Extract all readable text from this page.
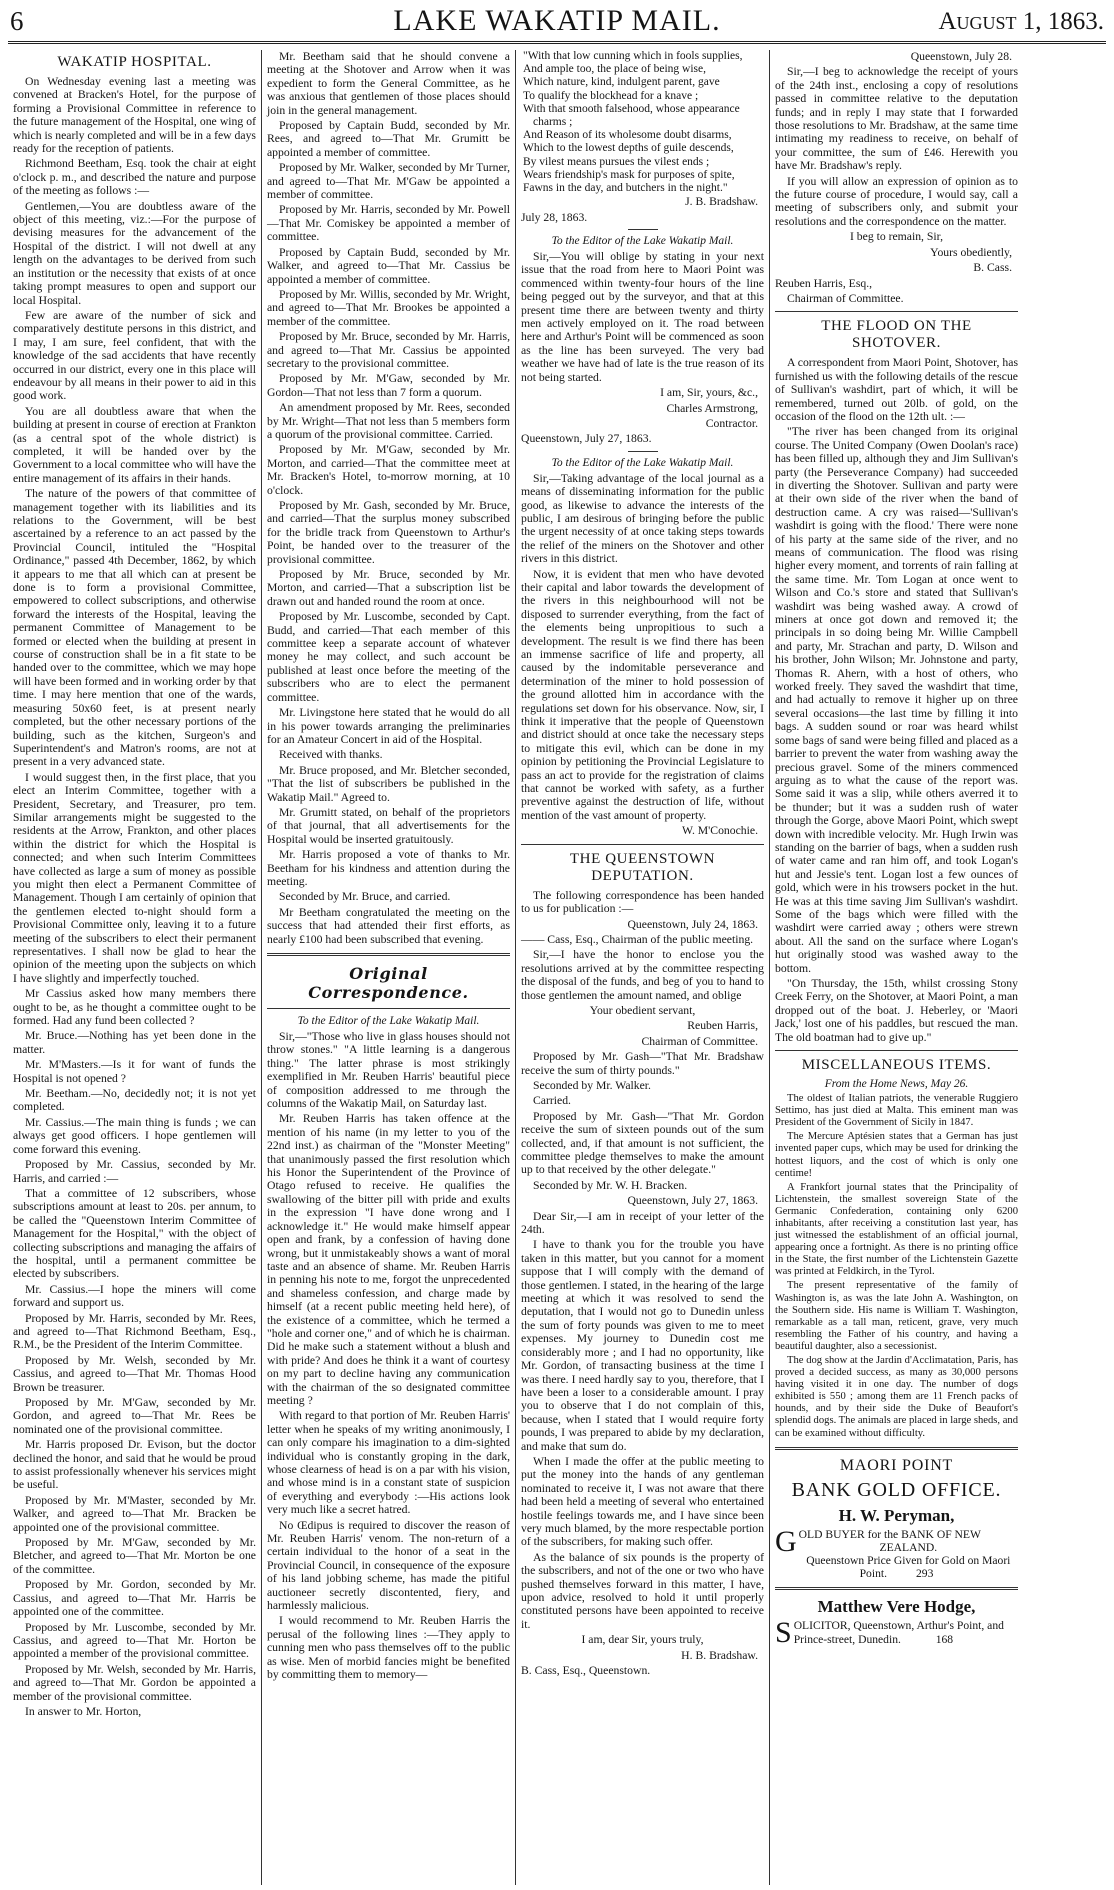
6	LAKE WAKATIP MAIL.	August 1, 1863.
WAKATIP HOSPITAL.

On Wednesday evening last a meeting was convened at Bracken's Hotel, for the purpose of forming a Provisional Committee in reference to the future management of the Hospital, one wing of which is nearly completed and will be in a few days ready for the reception of patients.

Richmond Beetham, Esq. took the chair at eight o'clock p. m., and described the nature and purpose of the meeting as follows :—

Gentlemen,—You are doubtless aware of the object of this meeting, viz.:—For the purpose of devising measures for the advancement of the Hospital of the district. I will not dwell at any length on the advantages to be derived from such an institution or the necessity that exists of at once taking prompt measures to open and support our local Hospital.

Few are aware of the number of sick and comparatively destitute persons in this district, and I may, I am sure, feel confident, that with the knowledge of the sad accidents that have recently occurred in our district, every one in this place will endeavour by all means in their power to aid in this good work.

You are all doubtless aware that when the building at present in course of erection at Frankton (as a central spot of the whole district) is completed, it will be handed over by the Government to a local committee who will have the entire management of its affairs in their hands.

The nature of the powers of that committee of management together with its liabilities and its relations to the Government, will be best ascertained by a reference to an act passed by the Provincial Council, intituled the "Hospital Ordinance," passed 4th December, 1862, by which it appears to me that all which can at present be done is to form a provisional Committee, empowered to collect subscriptions, and otherwise forward the interests of the Hospital, leaving the permanent Committee of Management to be formed or elected when the building at present in course of construction shall be in a fit state to be handed over to the committee, which we may hope will have been formed and in working order by that time. I may here mention that one of the wards, measuring 50x60 feet, is at present nearly completed, but the other necessary portions of the building, such as the kitchen, Surgeon's and Superintendent's and Matron's rooms, are not at present in a very advanced state.

I would suggest then, in the first place, that you elect an Interim Committee, together with a President, Secretary, and Treasurer, pro tem. Similar arrangements might be suggested to the residents at the Arrow, Frankton, and other places within the district for which the Hospital is connected; and when such Interim Committees have collected as large a sum of money as possible you might then elect a Permanent Committee of Management. Though I am certainly of opinion that the gentlemen elected to-night should form a Provisional Committee only, leaving it to a future meeting of the subscribers to elect their permanent representatives. I shall now be glad to hear the opinion of the meeting upon the subjects on which I have slightly and imperfectly touched.

Mr Cassius asked how many members there ought to be, as he thought a committee ought to be formed. Had any fund been collected ?

Mr. Bruce.—Nothing has yet been done in the matter.

Mr. M'Masters.—Is it for want of funds the Hospital is not opened ?

Mr. Beetham.—No, decidedly not; it is not yet completed.

Mr. Cassius.—The main thing is funds ; we can always get good officers. I hope gentlemen will come forward this evening.

Proposed by Mr. Cassius, seconded by Mr. Harris, and carried :—

That a committee of 12 subscribers, whose subscriptions amount at least to 20s. per annum, to be called the "Queenstown Interim Committee of Management for the Hospital," with the object of collecting subscriptions and managing the affairs of the hospital, until a permanent committee be elected by subscribers.

Mr. Cassius.—I hope the miners will come forward and support us.

Proposed by Mr. Harris, seconded by Mr. Rees, and agreed to—That Richmond Beetham, Esq., R.M., be the President of the Interim Committee.

Proposed by Mr. Welsh, seconded by Mr. Cassius, and agreed to—That Mr. Thomas Hood Brown be treasurer.

Proposed by Mr. M'Gaw, seconded by Mr. Gordon, and agreed to—That Mr. Rees be nominated one of the provisional committee.

Mr. Harris proposed Dr. Evison, but the doctor declined the honor, and said that he would be proud to assist professionally whenever his services might be useful.

Proposed by Mr. M'Master, seconded by Mr. Walker, and agreed to—That Mr. Bracken be appointed one of the provisional committee.

Proposed by Mr. M'Gaw, seconded by Mr. Bletcher, and agreed to—That Mr. Morton be one of the committee.

Proposed by Mr. Gordon, seconded by Mr. Cassius, and agreed to—That Mr. Harris be appointed one of the committee.

Proposed by Mr. Luscombe, seconded by Mr. Cassius, and agreed to—That Mr. Horton be appointed a member of the provisional committee.

Proposed by Mr. Welsh, seconded by Mr. Harris, and agreed to—That Mr. Gordon be appointed a member of the provisional committee.

In answer to Mr. Horton,

Mr. Beetham said that he should convene a meeting at the Shotover and Arrow when it was expedient to form the General Committee, as he was anxious that gentlemen of those places should join in the general management.

Proposed by Captain Budd, seconded by Mr. Rees, and agreed to—That Mr. Grumitt be appointed a member of committee.

Proposed by Mr. Walker, seconded by Mr Turner, and agreed to—That Mr. M'Gaw be appointed a member of committee.

Proposed by Mr. Harris, seconded by Mr. Powell—That Mr. Comiskey be appointed a member of committee.

Proposed by Captain Budd, seconded by Mr. Walker, and agreed to—That Mr. Cassius be appointed a member of committee.

Proposed by Mr. Willis, seconded by Mr. Wright, and agreed to—That Mr. Brookes be appointed a member of the committee.

Proposed by Mr. Bruce, seconded by Mr. Harris, and agreed to—That Mr. Cassius be appointed secretary to the provisional committee.

Proposed by Mr. M'Gaw, seconded by Mr. Gordon—That not less than 7 form a quorum.

An amendment proposed by Mr. Rees, seconded by Mr. Wright—That not less than 5 members form a quorum of the provisional committee. Carried.

Proposed by Mr. M'Gaw, seconded by Mr. Morton, and carried—That the committee meet at Mr. Bracken's Hotel, to-morrow morning, at 10 o'clock.

Proposed by Mr. Gash, seconded by Mr. Bruce, and carried—That the surplus money subscribed for the bridle track from Queenstown to Arthur's Point, be handed over to the treasurer of the provisional committee.

Proposed by Mr. Bruce, seconded by Mr. Morton, and carried—That a subscription list be drawn out and handed round the room at once.

Proposed by Mr. Luscombe, seconded by Capt. Budd, and carried—That each member of this committee keep a separate account of whatever money he may collect, and such account be published at least once before the meeting of the subscribers who are to elect the permanent committee.

Mr. Livingstone here stated that he would do all in his power towards arranging the preliminaries for an Amateur Concert in aid of the Hospital.

Received with thanks.

Mr. Bruce proposed, and Mr. Bletcher seconded, "That the list of subscribers be published in the Wakatip Mail." Agreed to.

Mr. Grumitt stated, on behalf of the proprietors of that journal, that all advertisements for the Hospital would be inserted gratuitously.

Mr. Harris proposed a vote of thanks to Mr. Beetham for his kindness and attention during the meeting.

Seconded by Mr. Bruce, and carried.

Mr Beetham congratulated the meeting on the success that had attended their first efforts, as nearly £100 had been subscribed that evening.

Original Correspondence.
To the Editor of the Lake Wakatip Mail.

Sir,—"Those who live in glass houses should not throw stones." "A little learning is a dangerous thing." The latter phrase is most strikingly exemplified in Mr. Reuben Harris' beautiful piece of composition addressed to me through the columns of the Wakatip Mail, on Saturday last.

Mr. Reuben Harris has taken offence at the mention of his name (in my letter to you of the 22nd inst.) as chairman of the "Monster Meeting" that unanimously passed the first resolution which his Honor the Superintendent of the Province of Otago refused to receive. He qualifies the swallowing of the bitter pill with pride and exults in the expression "I have done wrong and I acknowledge it." He would make himself appear open and frank, by a confession of having done wrong, but it unmistakeably shows a want of moral taste and an absence of shame. Mr. Reuben Harris in penning his note to me, forgot the unprecedented and shameless confession, and charge made by himself (at a recent public meeting held here), of the existence of a committee, which he termed a "hole and corner one," and of which he is chairman. Did he make such a statement without a blush and with pride? And does he think it a want of courtesy on my part to decline having any communication with the chairman of the so designated committee meeting ?

With regard to that portion of Mr. Reuben Harris' letter when he speaks of my writing anonimously, I can only compare his imagination to a dim-sighted individual who is constantly groping in the dark, whose clearness of head is on a par with his vision, and whose mind is in a constant state of suspicion of everything and everybody :—His actions look very much like a secret hatred.

No Œdipus is required to discover the reason of Mr. Reuben Harris' venom. The non-return of a certain individual to the honor of a seat in the Provincial Council, in consequence of the exposure of his land jobbing scheme, has made the pitiful auctioneer secretly discontented, fiery, and harmlessly malicious.

I would recommend to Mr. Reuben Harris the perusal of the following lines :—They apply to cunning men who pass themselves off to the public as wise. Men of morbid fancies might be benefited by committing them to memory—

"With that low cunning which in fools supplies,

And ample too, the place of being wise,

Which nature, kind, indulgent parent, gave

To qualify the blockhead for a knave ;

With that smooth falsehood, whose appearance charms ;

And Reason of its wholesome doubt disarms,

Which to the lowest depths of guile descends,

By vilest means pursues the vilest ends ;

Wears friendship's mask for purposes of spite,

Fawns in the day, and butchers in the night."

J. B. Bradshaw.

July 28, 1863.

To the Editor of the Lake Wakatip Mail.

Sir,—You will oblige by stating in your next issue that the road from here to Maori Point was commenced within twenty-four hours of the line being pegged out by the surveyor, and that at this present time there are between twenty and thirty men actively employed on it. The road between here and Arthur's Point will be commenced as soon as the line has been surveyed. The very bad weather we have had of late is the true reason of its not being started.

I am, Sir, yours, &c.,

Charles Armstrong,

Contractor.

Queenstown, July 27, 1863.

To the Editor of the Lake Wakatip Mail.

Sir,—Taking advantage of the local journal as a means of disseminating information for the public good, as likewise to advance the interests of the public, I am desirous of bringing before the public the urgent necessity of at once taking steps towards the relief of the miners on the Shotover and other rivers in this district.

Now, it is evident that men who have devoted their capital and labor towards the development of the rivers in this neighbourhood will not be disposed to surrender everything, from the fact of the elements being unpropitious to such a development. The result is we find there has been an immense sacrifice of life and property, all caused by the indomitable perseverance and determination of the miner to hold possession of the ground allotted him in accordance with the regulations set down for his observance. Now, sir, I think it imperative that the people of Queenstown and district should at once take the necessary steps to mitigate this evil, which can be done in my opinion by petitioning the Provincial Legislature to pass an act to provide for the registration of claims that cannot be worked with safety, as a further preventive against the destruction of life, without mention of the vast amount of property.

W. M'Conochie.

THE QUEENSTOWN DEPUTATION.

The following correspondence has been handed to us for publication :—

Queenstown, July 24, 1863.

—— Cass, Esq., Chairman of the public meeting.

Sir,—I have the honor to enclose you the resolutions arrived at by the committee respecting the disposal of the funds, and beg of you to hand to those gentlemen the amount named, and oblige

Your obedient servant,

Reuben Harris,

Chairman of Committee.

Proposed by Mr. Gash—"That Mr. Bradshaw receive the sum of thirty pounds."

Seconded by Mr. Walker.

Carried.

Proposed by Mr. Gash—"That Mr. Gordon receive the sum of sixteen pounds out of the sum collected, and, if that amount is not sufficient, the committee pledge themselves to make the amount up to that received by the other delegate."

Seconded by Mr. W. H. Bracken.

Queenstown, July 27, 1863.

Dear Sir,—I am in receipt of your letter of the 24th.

I have to thank you for the trouble you have taken in this matter, but you cannot for a moment suppose that I will comply with the demand of those gentlemen. I stated, in the hearing of the large meeting at which it was resolved to send the deputation, that I would not go to Dunedin unless the sum of forty pounds was given to me to meet expenses. My journey to Dunedin cost me considerably more ; and I had no opportunity, like Mr. Gordon, of transacting business at the time I was there. I need hardly say to you, therefore, that I have been a loser to a considerable amount. I pray you to observe that I do not complain of this, because, when I stated that I would require forty pounds, I was prepared to abide by my declaration, and make that sum do.

When I made the offer at the public meeting to put the money into the hands of any gentleman nominated to receive it, I was not aware that there had been held a meeting of several who entertained hostile feelings towards me, and I have since been very much blamed, by the more respectable portion of the subscribers, for making such offer.

As the balance of six pounds is the property of the subscribers, and not of the one or two who have pushed themselves forward in this matter, I have, upon advice, resolved to hold it until properly constituted persons have been appointed to receive it.

I am, dear Sir, yours truly,

H. B. Bradshaw.

B. Cass, Esq., Queenstown.

Queenstown, July 28.

Sir,—I beg to acknowledge the receipt of yours of the 24th inst., enclosing a copy of resolutions passed in committee relative to the deputation funds; and in reply I may state that I forwarded those resolutions to Mr. Bradshaw, at the same time intimating my readiness to receive, on behalf of your committee, the sum of £46. Herewith you have Mr. Bradshaw's reply.

If you will allow an expression of opinion as to the future course of procedure, I would say, call a meeting of subscribers only, and submit your resolutions and the correspondence on the matter.

I beg to remain, Sir,

Yours obediently,

B. Cass.

Reuben Harris, Esq.,

Chairman of Committee.

THE FLOOD ON THE SHOTOVER.

A correspondent from Maori Point, Shotover, has furnished us with the following details of the rescue of Sullivan's washdirt, part of which, it will be remembered, turned out 20lb. of gold, on the occasion of the flood on the 12th ult. :—

"The river has been changed from its original course. The United Company (Owen Doolan's race) has been filled up, although they and Jim Sullivan's party (the Perseverance Company) had succeeded in diverting the Shotover. Sullivan and party were at their own side of the river when the band of destruction came. A cry was raised—'Sullivan's washdirt is going with the flood.' There were none of his party at the same side of the river, and no means of communication. The flood was rising higher every moment, and torrents of rain falling at the same time. Mr. Tom Logan at once went to Wilson and Co.'s store and stated that Sullivan's washdirt was being washed away. A crowd of miners at once got down and removed it; the principals in so doing being Mr. Willie Campbell and party, Mr. Strachan and party, D. Wilson and his brother, John Wilson; Mr. Johnstone and party, Thomas R. Ahern, with a host of others, who worked freely. They saved the washdirt that time, and had actually to remove it higher up on three several occasions—the last time by filling it into bags. A sudden sound or roar was heard whilst some bags of sand were being filled and placed as a barrier to prevent the water from washing away the precious gravel. Some of the miners commenced arguing as to what the cause of the report was. Some said it was a slip, while others averred it to be thunder; but it was a sudden rush of water through the Gorge, above Maori Point, which swept down with incredible velocity. Mr. Hugh Irwin was standing on the barrier of bags, when a sudden rush of water came and ran him off, and took Logan's hut and Jessie's tent. Logan lost a few ounces of gold, which were in his trowsers pocket in the hut. He was at this time saving Jim Sullivan's washdirt. Some of the bags which were filled with the washdirt were carried away ; others were strewn about. All the sand on the surface where Logan's hut originally stood was washed away to the bottom.

"On Thursday, the 15th, whilst crossing Stony Creek Ferry, on the Shotover, at Maori Point, a man dropped out of the boat. J. Heberley, or 'Maori Jack,' lost one of his paddles, but rescued the man. The old boatman had to give up."

MISCELLANEOUS ITEMS.
From the Home News, May 26.

The oldest of Italian patriots, the venerable Ruggiero Settimo, has just died at Malta. This eminent man was President of the Government of Sicily in 1847.

The Mercure Aptésien states that a German has just invented paper cups, which may be used for drinking the hottest liquors, and the cost of which is only one centime!

A Frankfort journal states that the Principality of Lichtenstein, the smallest sovereign State of the Germanic Confederation, containing only 6200 inhabitants, after receiving a constitution last year, has just witnessed the establishment of an official journal, appearing once a fortnight. As there is no printing office in the State, the first number of the Lichtenstein Gazette was printed at Feldkirch, in the Tyrol.

The present representative of the family of Washington is, as was the late John A. Washington, on the Southern side. His name is William T. Washington, remarkable as a tall man, reticent, grave, very much resembling the Father of his country, and having a beautiful daughter, also a secessionist.

The dog show at the Jardin d'Acclimatation, Paris, has proved a decided success, as many as 30,000 persons having visited it in one day. The number of dogs exhibited is 550 ; among them are 11 French packs of hounds, and by their side the Duke of Beaufort's splendid dogs. The animals are placed in large sheds, and can be examined without difficulty.

MAORI POINT
BANK GOLD OFFICE.
H. W. Peryman,
G OLD BUYER for the BANK OF NEW
ZEALAND.
Queenstown Price Given for Gold on Maori
Point. 293
Matthew Vere Hodge,
S OLICITOR, Queenstown, Arthur's Point, and
Prince-street, Dunedin.	168
